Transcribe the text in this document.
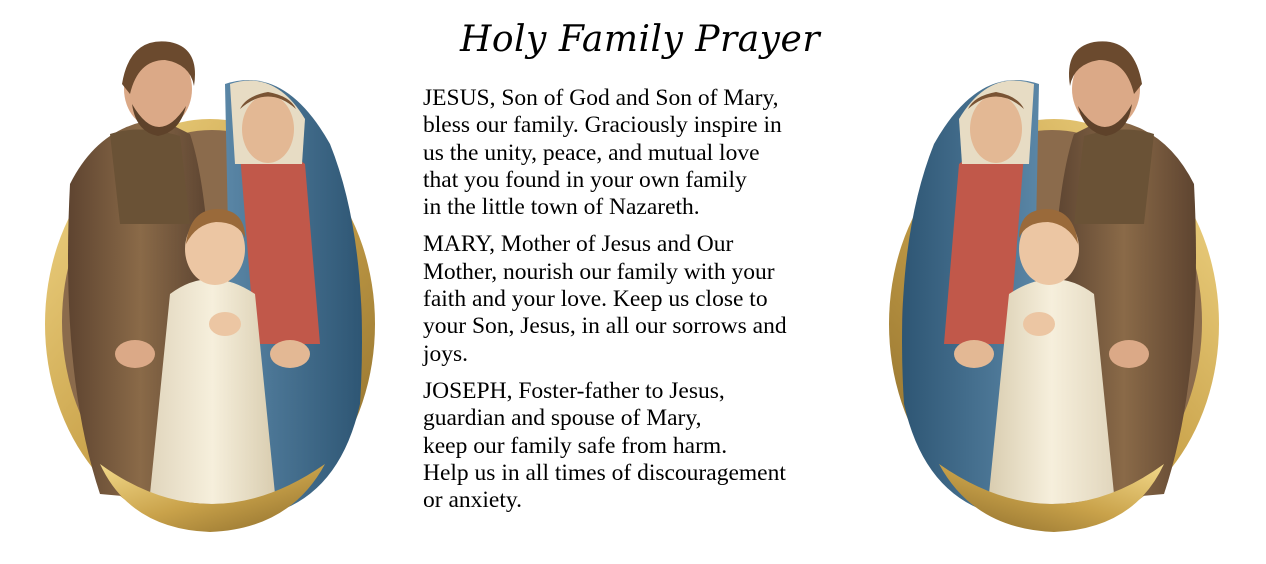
Holy Family Prayer

JESUS, Son of God and Son of Mary,
bless our family. Graciously inspire in
us the unity, peace, and mutual love
that you found in your own family
in the little town of Nazareth.

MARY, Mother of Jesus and Our
Mother, nourish our family with your
faith and your love. Keep us close to
your Son, Jesus, in all our sorrows and
joys.

JOSEPH, Foster-father to Jesus,
guardian and spouse of Mary,
keep our family safe from harm.
Help us in all times of discouragement
or anxiety.
